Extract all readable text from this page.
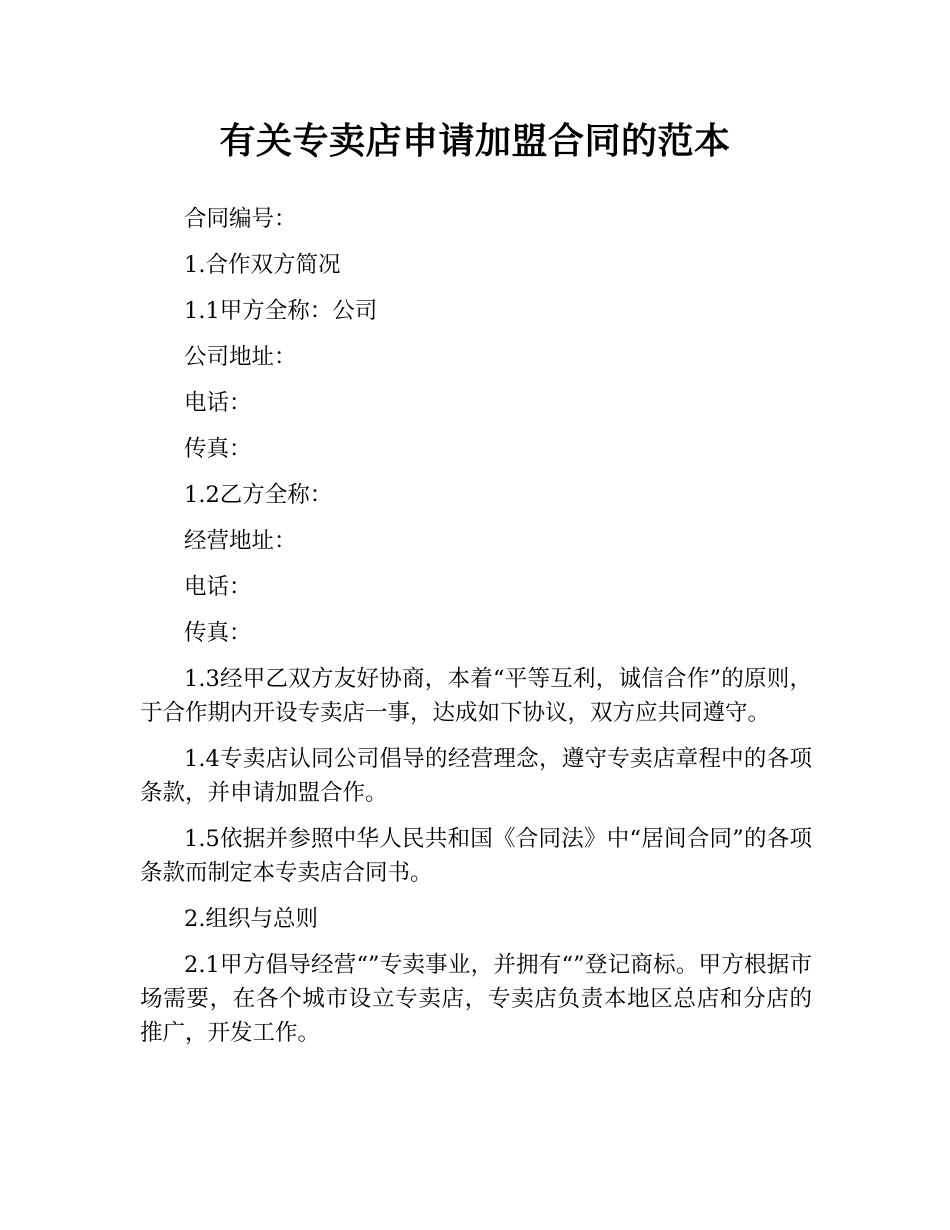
有关专卖店申请加盟合同的范本

合同编号：

1.合作双方简况

1.1甲方全称：公司

公司地址：

电话：

传真：

1.2乙方全称：

经营地址：

电话：

传真：

1.3经甲乙双方友好协商，本着“平等互利，诚信合作”的原则，于合作期内开设专卖店一事，达成如下协议，双方应共同遵守。

1.4专卖店认同公司倡导的经营理念，遵守专卖店章程中的各项条款，并申请加盟合作。

1.5依据并参照中华人民共和国《合同法》中“居间合同”的各项条款而制定本专卖店合同书。

2.组织与总则

2.1甲方倡导经营“”专卖事业，并拥有“”登记商标。甲方根据市场需要，在各个城市设立专卖店，专卖店负责本地区总店和分店的推广，开发工作。
